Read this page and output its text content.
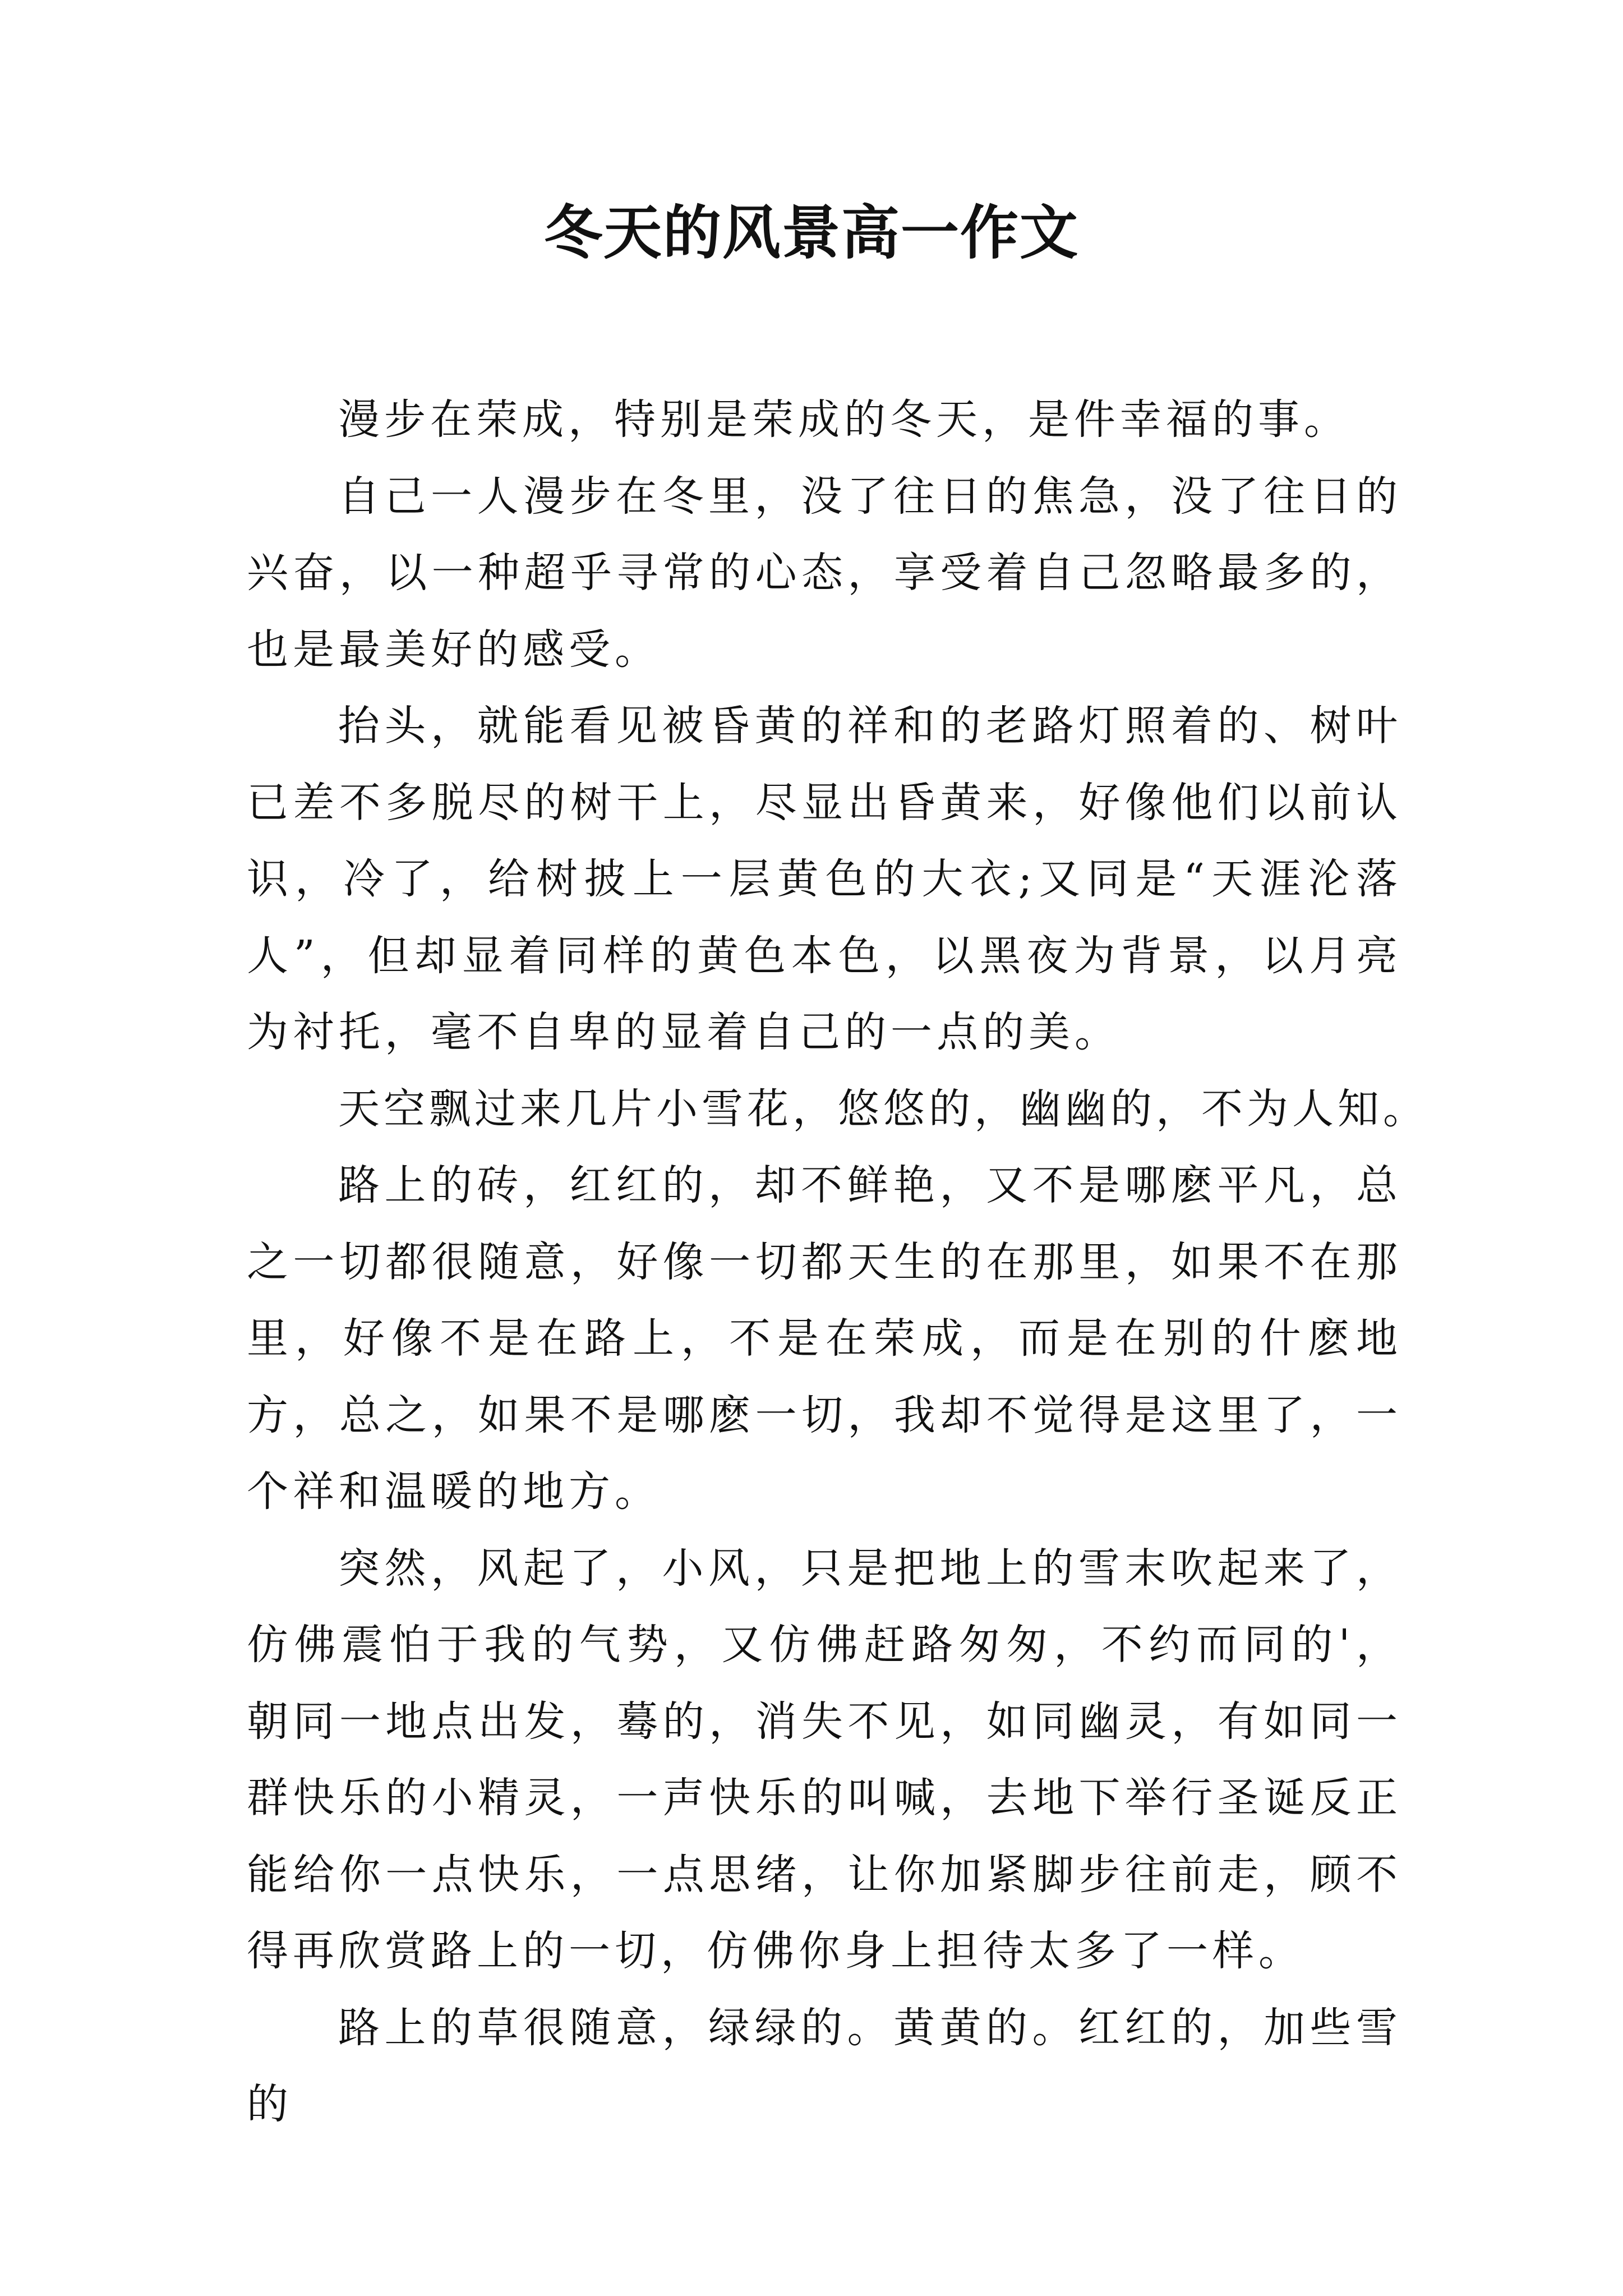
冬天的风景高一作文

漫步在荣成，特别是荣成的冬天，是件幸福的事。

自己一人漫步在冬里，没了往日的焦急，没了往日的兴奋，以一种超乎寻常的心态，享受着自己忽略最多的，也是最美好的感受。

抬头，就能看见被昏黄的祥和的老路灯照着的、树叶已差不多脱尽的树干上，尽显出昏黄来，好像他们以前认识，冷了，给树披上一层黄色的大衣;又同是“天涯沦落人”，但却显着同样的黄色本色，以黑夜为背景，以月亮为衬托，毫不自卑的显着自己的一点的美。

天空飘过来几片小雪花，悠悠的，幽幽的，不为人知。

路上的砖，红红的，却不鲜艳，又不是哪麽平凡，总之一切都很随意，好像一切都天生的在那里，如果不在那里，好像不是在路上，不是在荣成，而是在别的什麽地方，总之，如果不是哪麽一切，我却不觉得是这里了，一个祥和温暖的地方。

突然，风起了，小风，只是把地上的雪末吹起来了，仿佛震怕于我的气势，又仿佛赶路匆匆，不约而同的'，朝同一地点出发，蓦的，消失不见，如同幽灵，有如同一群快乐的小精灵，一声快乐的叫喊，去地下举行圣诞反正能给你一点快乐，一点思绪，让你加紧脚步往前走，顾不得再欣赏路上的一切，仿佛你身上担待太多了一样。

路上的草很随意，绿绿的。黄黄的。红红的，加些雪的
